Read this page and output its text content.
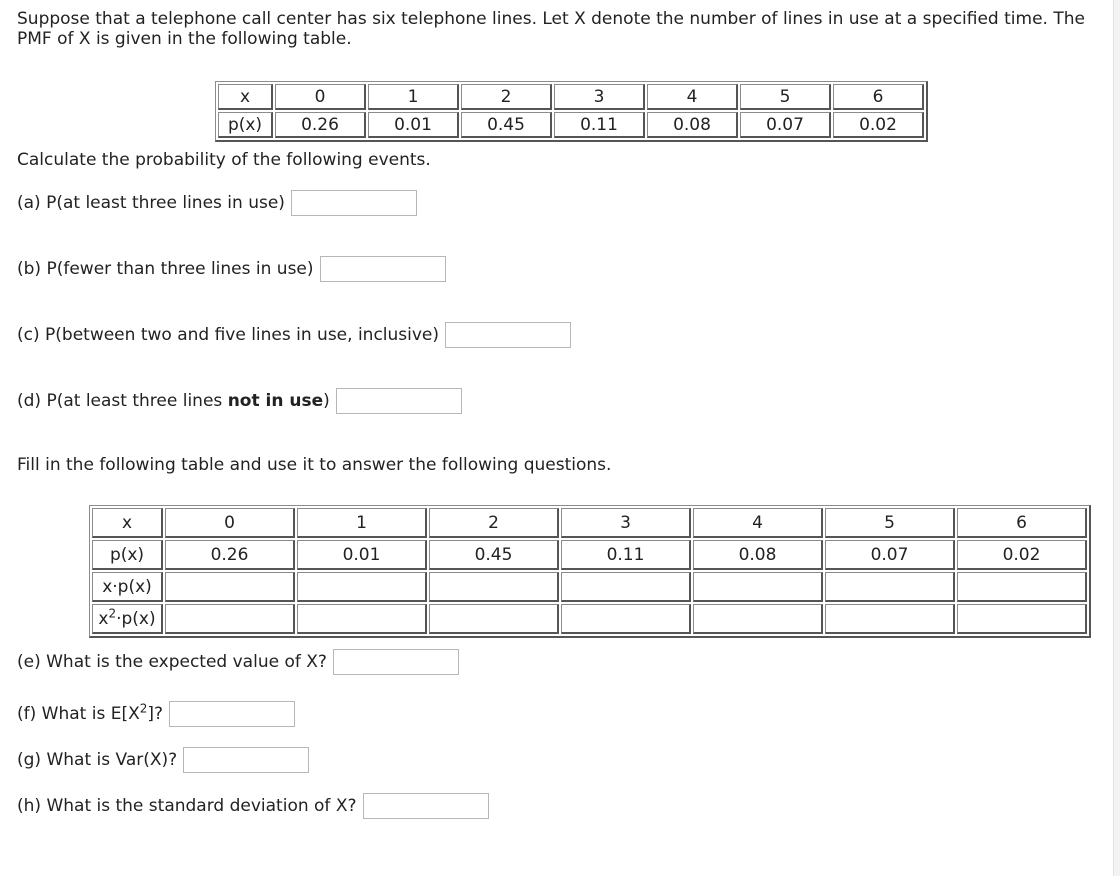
Suppose that a telephone call center has six telephone lines. Let X denote the number of lines in use at a specified time. The PMF of X is given in the following table.

x	0	1	2	3	4	5	6
p(x)	0.26	0.01	0.45	0.11	0.08	0.07	0.02
Calculate the probability of the following events.
(a) P(at least three lines in use)
(b) P(fewer than three lines in use)
(c) P(between two and five lines in use, inclusive)
(d) P(at least three lines not in use)
Fill in the following table and use it to answer the following questions.
x	0	1	2	3	4	5	6
p(x)	0.26	0.01	0.45	0.11	0.08	0.07	0.02
x·p(x)	

$x^2\cdot p(x)$	

(e) What is the expected value of X?
(f) What is $E[X^2]$?
(g) What is Var(X)?
(h) What is the standard deviation of X?
